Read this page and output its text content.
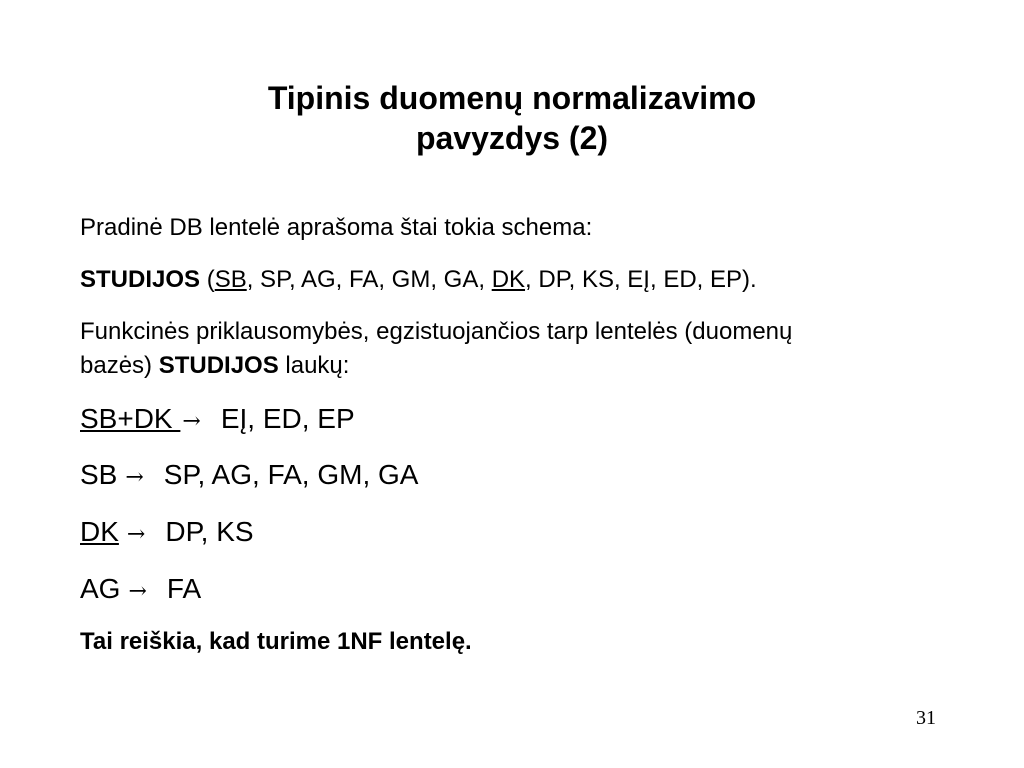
Tipinis duomenų normalizavimo
pavyzdys (2)

Pradinė DB lentelė aprašoma štai tokia schema:

STUDIJOS (SB, SP, AG, FA, GM, GA, DK, DP, KS, EĮ, ED, EP).

Funkcinės priklausomybės, egzistuojančios tarp lentelės (duomenų

bazės) STUDIJOS laukų:

SB+DK → EĮ, ED, EP

SB → SP, AG, FA, GM, GA

DK → DP, KS

AG → FA

Tai reiškia, kad turime 1NF lentelę.

31
